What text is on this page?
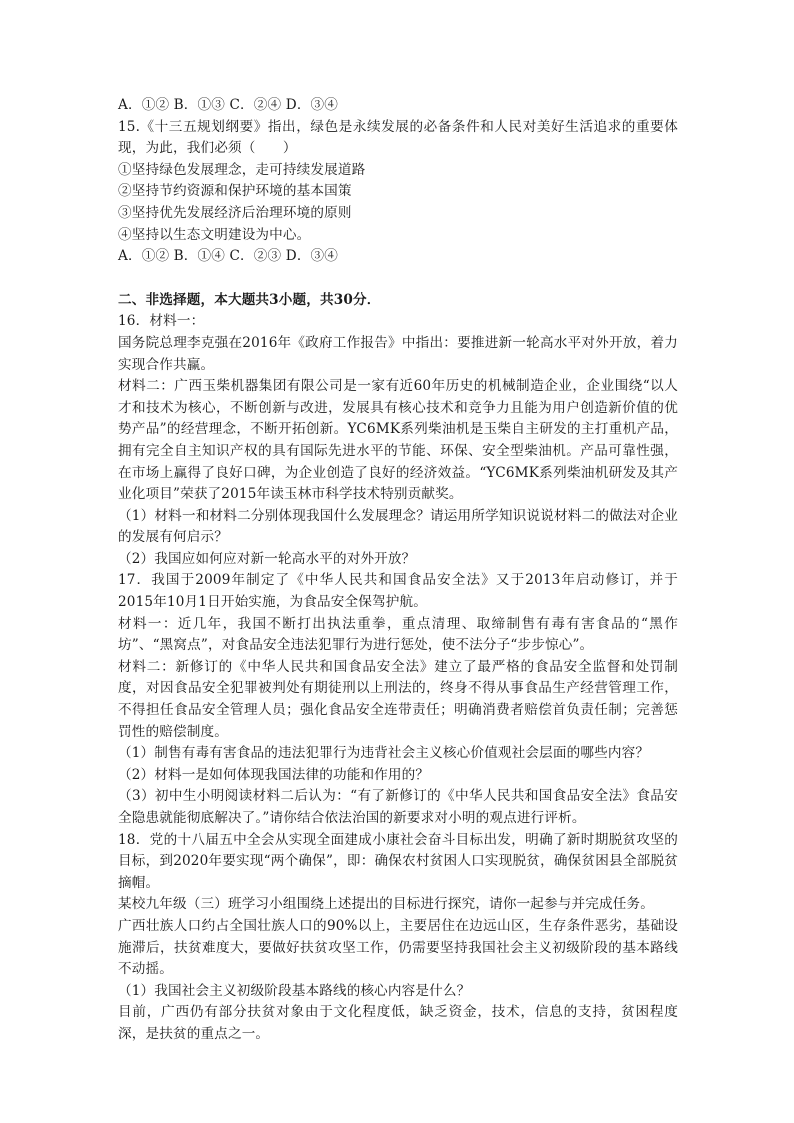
A．①② B．①③ C．②④ D．③④
15.《十三五规划纲要》指出，绿色是永续发展的必备条件和人民对美好生活追求的重要体现，为此，我们必须（　　）
①坚持绿色发展理念，走可持续发展道路
②坚持节约资源和保护环境的基本国策
③坚持优先发展经济后治理环境的原则
④坚持以生态文明建设为中心。
A．①② B．①④ C．②③ D．③④
二、非选择题，本大题共3小题，共30分．
16．材料一：
国务院总理李克强在2016年《政府工作报告》中指出：要推进新一轮高水平对外开放，着力实现合作共赢。
材料二：广西玉柴机器集团有限公司是一家有近60年历史的机械制造企业，企业围绕“以人才和技术为核心，不断创新与改进，发展具有核心技术和竞争力且能为用户创造新价值的优势产品”的经营理念，不断开拓创新。YC6MK系列柴油机是玉柴自主研发的主打重机产品，拥有完全自主知识产权的具有国际先进水平的节能、环保、安全型柴油机。产品可靠性强，在市场上赢得了良好口碑，为企业创造了良好的经济效益。“YC6MK系列柴油机研发及其产业化项目”荣获了2015年读玉林市科学技术特别贡献奖。
（1）材料一和材料二分别体现我国什么发展理念？请运用所学知识说说材料二的做法对企业的发展有何启示？
（2）我国应如何应对新一轮高水平的对外开放？
17．我国于2009年制定了《中华人民共和国食品安全法》又于2013年启动修订，并于2015年10月1日开始实施，为食品安全保驾护航。
材料一：近几年，我国不断打出执法重拳，重点清理、取缔制售有毒有害食品的“黑作坊”、“黑窝点”，对食品安全违法犯罪行为进行惩处，使不法分子“步步惊心”。
材料二：新修订的《中华人民共和国食品安全法》建立了最严格的食品安全监督和处罚制度，对因食品安全犯罪被判处有期徒刑以上刑法的，终身不得从事食品生产经营管理工作，不得担任食品安全管理人员；强化食品安全连带责任；明确消费者赔偿首负责任制；完善惩罚性的赔偿制度。
（1）制售有毒有害食品的违法犯罪行为违背社会主义核心价值观社会层面的哪些内容？
（2）材料一是如何体现我国法律的功能和作用的？
（3）初中生小明阅读材料二后认为：“有了新修订的《中华人民共和国食品安全法》食品安全隐患就能彻底解决了。”请你结合依法治国的新要求对小明的观点进行评析。
18．党的十八届五中全会从实现全面建成小康社会奋斗目标出发，明确了新时期脱贫攻坚的目标，到2020年要实现“两个确保”，即：确保农村贫困人口实现脱贫，确保贫困县全部脱贫摘帽。
某校九年级（三）班学习小组围绕上述提出的目标进行探究，请你一起参与并完成任务。
广西壮族人口约占全国壮族人口的90%以上，主要居住在边远山区，生存条件恶劣，基础设施滞后，扶贫难度大，要做好扶贫攻坚工作，仍需要坚持我国社会主义初级阶段的基本路线不动摇。
（1）我国社会主义初级阶段基本路线的核心内容是什么？
目前，广西仍有部分扶贫对象由于文化程度低，缺乏资金，技术，信息的支持，贫困程度深，是扶贫的重点之一。
